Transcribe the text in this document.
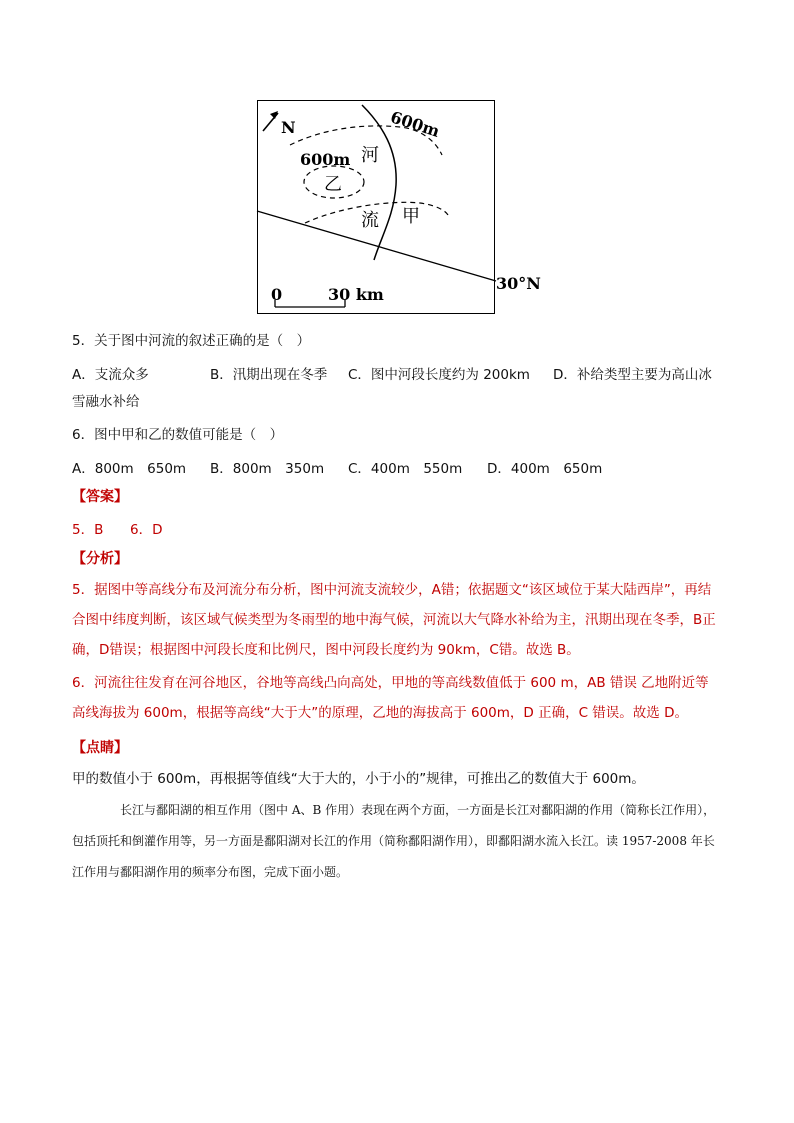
N	600m
600m 河
乙
流 甲
30°N
0	30 km
5．关于图中河流的叙述正确的是（　）
A．支流众多	B．汛期出现在冬季 C．图中河段长度约为 200km D．补给类型主要为高山冰
雪融水补给
6．图中甲和乙的数值可能是（　）
A．800m　650m B．800m　350m C．400m　550m D．400m　650m
【答案】
5．B 6．D
【分析】
5．据图中等高线分布及河流分布分析，图中河流支流较少，A错；依据题文“该区域位于某大陆西岸”，再结合图中纬度判断，该区域气候类型为冬雨型的地中海气候，河流以大气降水补给为主，汛期出现在冬季，B正确，D错误；根据图中河段长度和比例尺，图中河段长度约为 90km，C错。故选 B。
6．河流往往发育在河谷地区，谷地等高线凸向高处，甲地的等高线数值低于 600 m，AB 错误 乙地附近等高线海拔为 600m，根据等高线“大于大”的原理，乙地的海拔高于 600m，D 正确，C 错误。故选 D。
【点睛】
甲的数值小于 600m，再根据等值线“大于大的，小于小的”规律，可推出乙的数值大于 600m。
长江与鄱阳湖的相互作用（图中 A、B 作用）表现在两个方面，一方面是长江对鄱阳湖的作用（简称长江作用），包括顶托和倒灌作用等，另一方面是鄱阳湖对长江的作用（简称鄱阳湖作用），即鄱阳湖水流入长江。读 1957-2008 年长江作用与鄱阳湖作用的频率分布图，完成下面小题。
